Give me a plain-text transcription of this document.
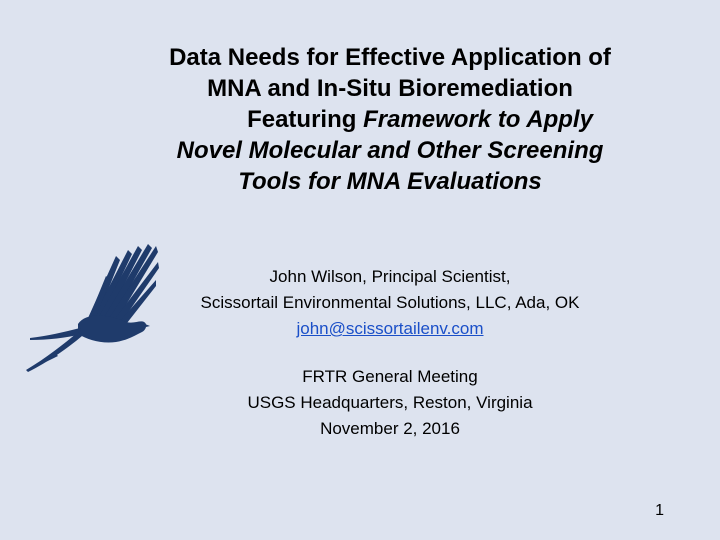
Data Needs for Effective Application of
MNA and In-Situ Bioremediation
Featuring Framework to Apply
Novel Molecular and Other Screening
Tools for MNA Evaluations
John Wilson, Principal Scientist,
Scissortail Environmental Solutions, LLC, Ada, OK
john@scissortailenv.com
FRTR General Meeting
USGS Headquarters, Reston, Virginia
November 2, 2016
1
